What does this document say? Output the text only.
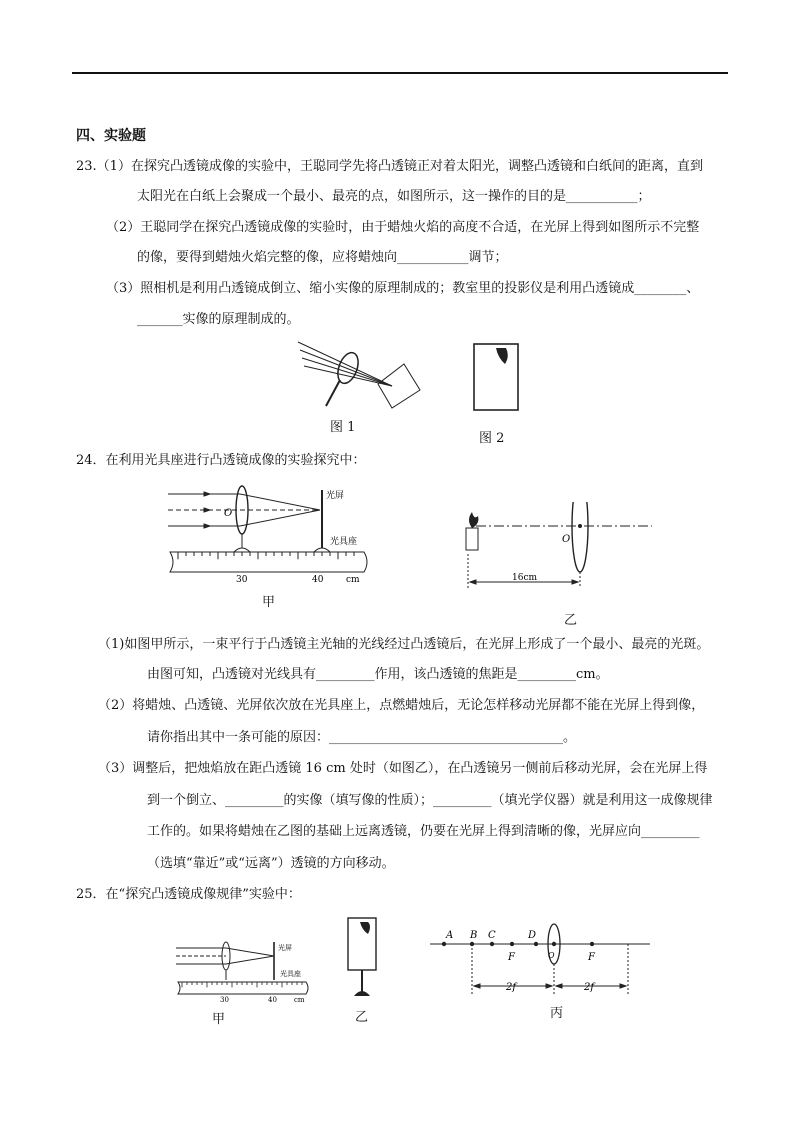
四、实验题
23.（1）在探究凸透镜成像的实验中，王聪同学先将凸透镜正对着太阳光，调整凸透镜和白纸间的距离，直到
太阳光在白纸上会聚成一个最小、最亮的点，如图所示，这一操作的目的是___________；
（2）王聪同学在探究凸透镜成像的实验时，由于蜡烛火焰的高度不合适，在光屏上得到如图所示不完整
的像，要得到蜡烛火焰完整的像，应将蜡烛向___________调节；
（3）照相机是利用凸透镜成倒立、缩小实像的原理制成的；教室里的投影仪是利用凸透镜成________、
_______实像的原理制成的。
图 1
图 2
24．在利用光具座进行凸透镜成像的实验探究中：
O
光屏
光具座
30	40	cm
甲
O
16cm
乙
（1)如图甲所示，一束平行于凸透镜主光轴的光线经过凸透镜后，在光屏上形成了一个最小、最亮的光斑。
由图可知，凸透镜对光线具有_________作用，该凸透镜的焦距是_________cm。
（2）将蜡烛、凸透镜、光屏依次放在光具座上，点燃蜡烛后，无论怎样移动光屏都不能在光屏上得到像，
请你指出其中一条可能的原因：____________________________________。
（3）调整后，把烛焰放在距凸透镜 16 cm 处时（如图乙），在凸透镜另一侧前后移动光屏，会在光屏上得
到一个倒立、_________的实像（填写像的性质）；_________（填光学仪器）就是利用这一成像规律
工作的。如果将蜡烛在乙图的基础上远离透镜，仍要在光屏上得到清晰的像，光屏应向_________
（选填“靠近”或“远离”）透镜的方向移动。
25．在“探究凸透镜成像规律”实验中：
光屏
光具座
30	40 cm
甲	乙
A B C	D
F	F
O
2f	2f
丙
